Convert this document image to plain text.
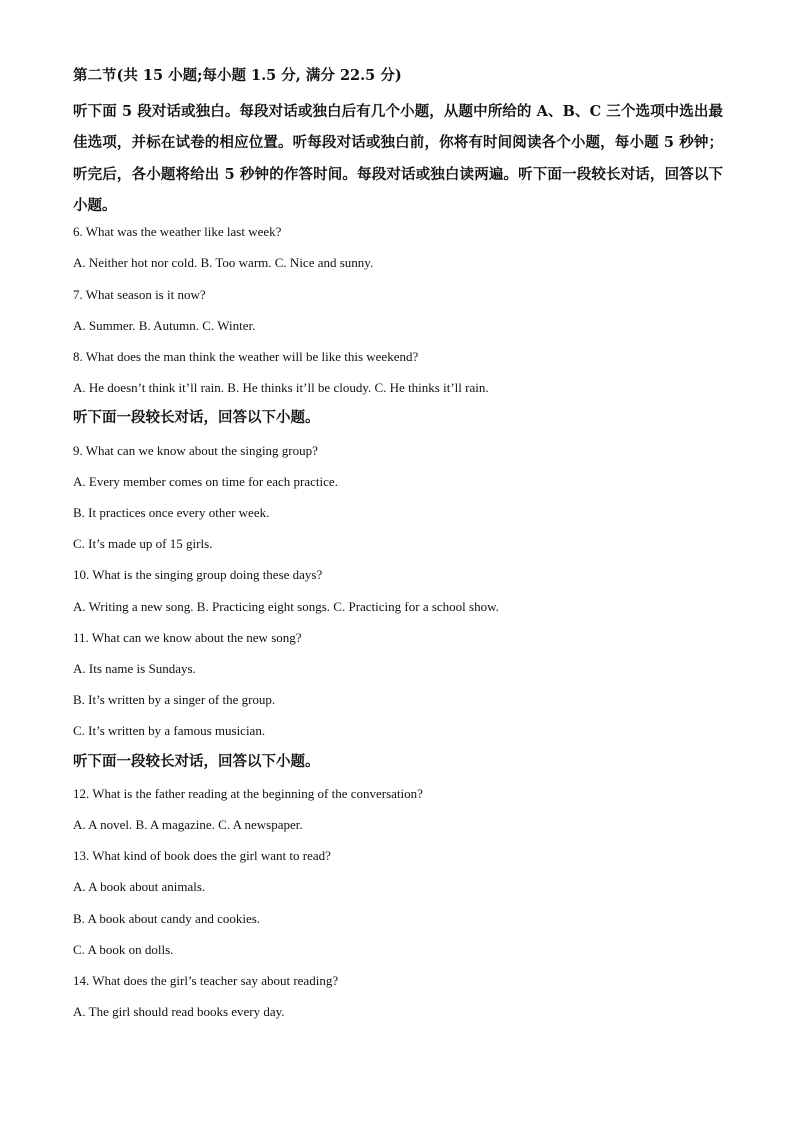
第二节(共 15 小题;每小题 1.5 分, 满分 22.5 分)
听下面 5 段对话或独白。每段对话或独白后有几个小题，从题中所给的 A、B、C 三个选项中选出最佳选项，并标在试卷的相应位置。听每段对话或独白前，你将有时间阅读各个小题，每小题 5 秒钟；听完后，各小题将给出 5 秒钟的作答时间。每段对话或独白读两遍。听下面一段较长对话，回答以下小题。
6. What was the weather like last week?
A. Neither hot nor cold. B. Too warm. C. Nice and sunny.
7. What season is it now?
A. Summer. B. Autumn. C. Winter.
8. What does the man think the weather will be like this weekend?
A. He doesn’t think it’ll rain. B. He thinks it’ll be cloudy. C. He thinks it’ll rain.
听下面一段较长对话，回答以下小题。
9. What can we know about the singing group?
A. Every member comes on time for each practice.
B. It practices once every other week.
C. It’s made up of 15 girls.
10. What is the singing group doing these days?
A. Writing a new song. B. Practicing eight songs. C. Practicing for a school show.
11. What can we know about the new song?
A. Its name is Sundays.
B. It’s written by a singer of the group.
C. It’s written by a famous musician.
听下面一段较长对话，回答以下小题。
12. What is the father reading at the beginning of the conversation?
A. A novel. B. A magazine. C. A newspaper.
13. What kind of book does the girl want to read?
A. A book about animals.
B. A book about candy and cookies.
C. A book on dolls.
14. What does the girl’s teacher say about reading?
A. The girl should read books every day.
